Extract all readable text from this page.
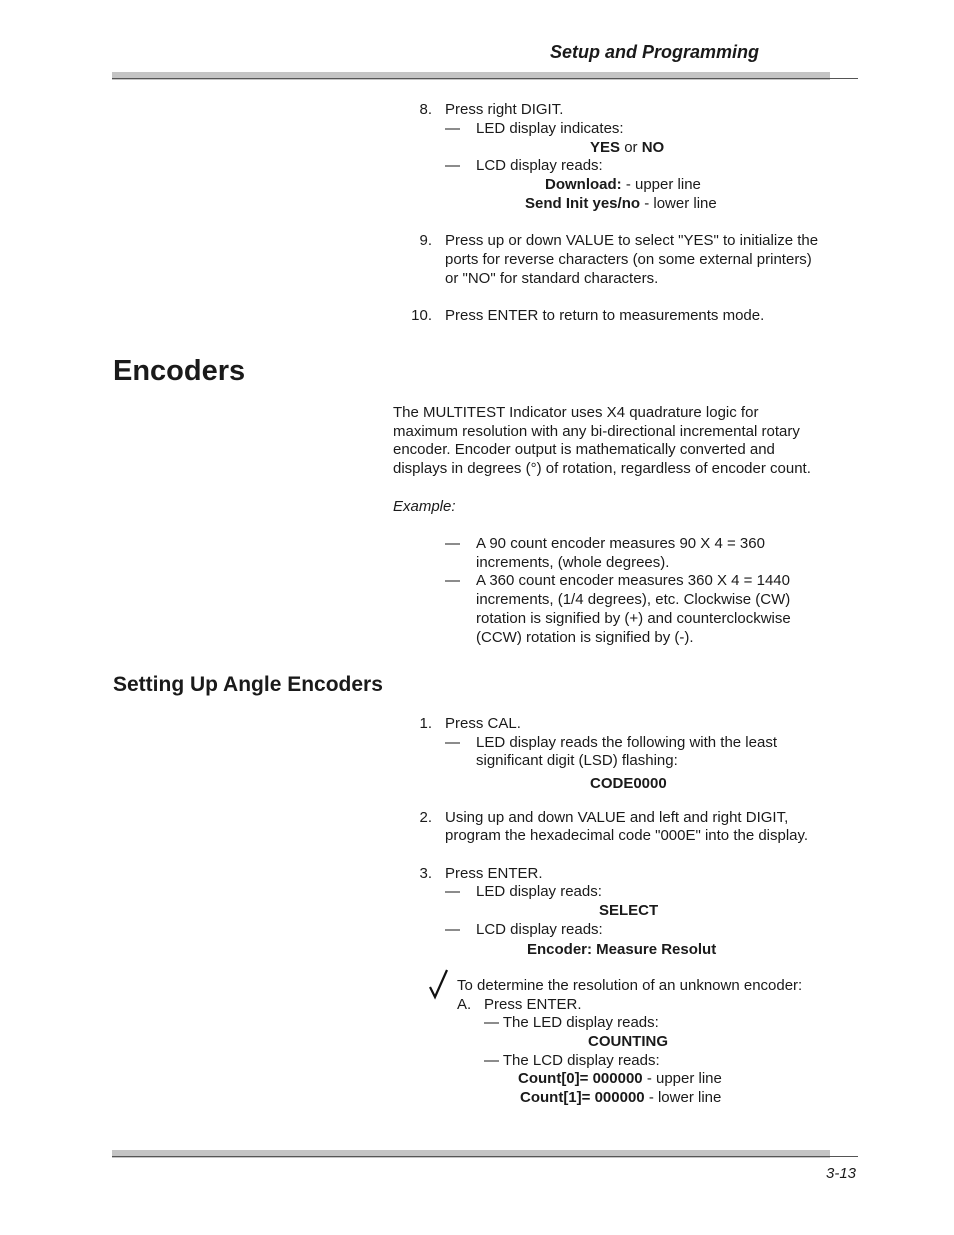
Setup and Programming
8. Press right DIGIT.
—	LED display indicates:
YES or NO
—	LCD display reads:
Download: - upper line
Send Init yes/no - lower line
9. Press up or down VALUE to select "YES" to initialize the
ports for reverse characters (on some external printers)
or "NO" for standard characters.
10. Press ENTER to return to measurements mode.
Encoders
The MULTITEST Indicator uses X4 quadrature logic for
maximum resolution with any bi-directional incremental rotary
encoder. Encoder output is mathematically converted and
displays in degrees (°) of rotation, regardless of encoder count.
Example:
—	A 90 count encoder measures 90 X 4 = 360
increments, (whole degrees).
—	A 360 count encoder measures 360 X 4 = 1440
increments, (1/4 degrees), etc. Clockwise (CW)
rotation is signified by (+) and counterclockwise
(CCW) rotation is signified by (-).
Setting Up Angle Encoders
1. Press CAL.
—	LED display reads the following with the least
significant digit (LSD) flashing:
CODE0000
2. Using up and down VALUE and left and right DIGIT,
program the hexadecimal code "000E" into the display.
3. Press ENTER.
—	LED display reads:
SELECT
—	LCD display reads:
Encoder: Measure Resolut
To determine the resolution of an unknown encoder:
A. Press ENTER.
— The LED display reads:
COUNTING
— The LCD display reads:
Count[0]= 000000 - upper line
Count[1]= 000000 - lower line
3-13
